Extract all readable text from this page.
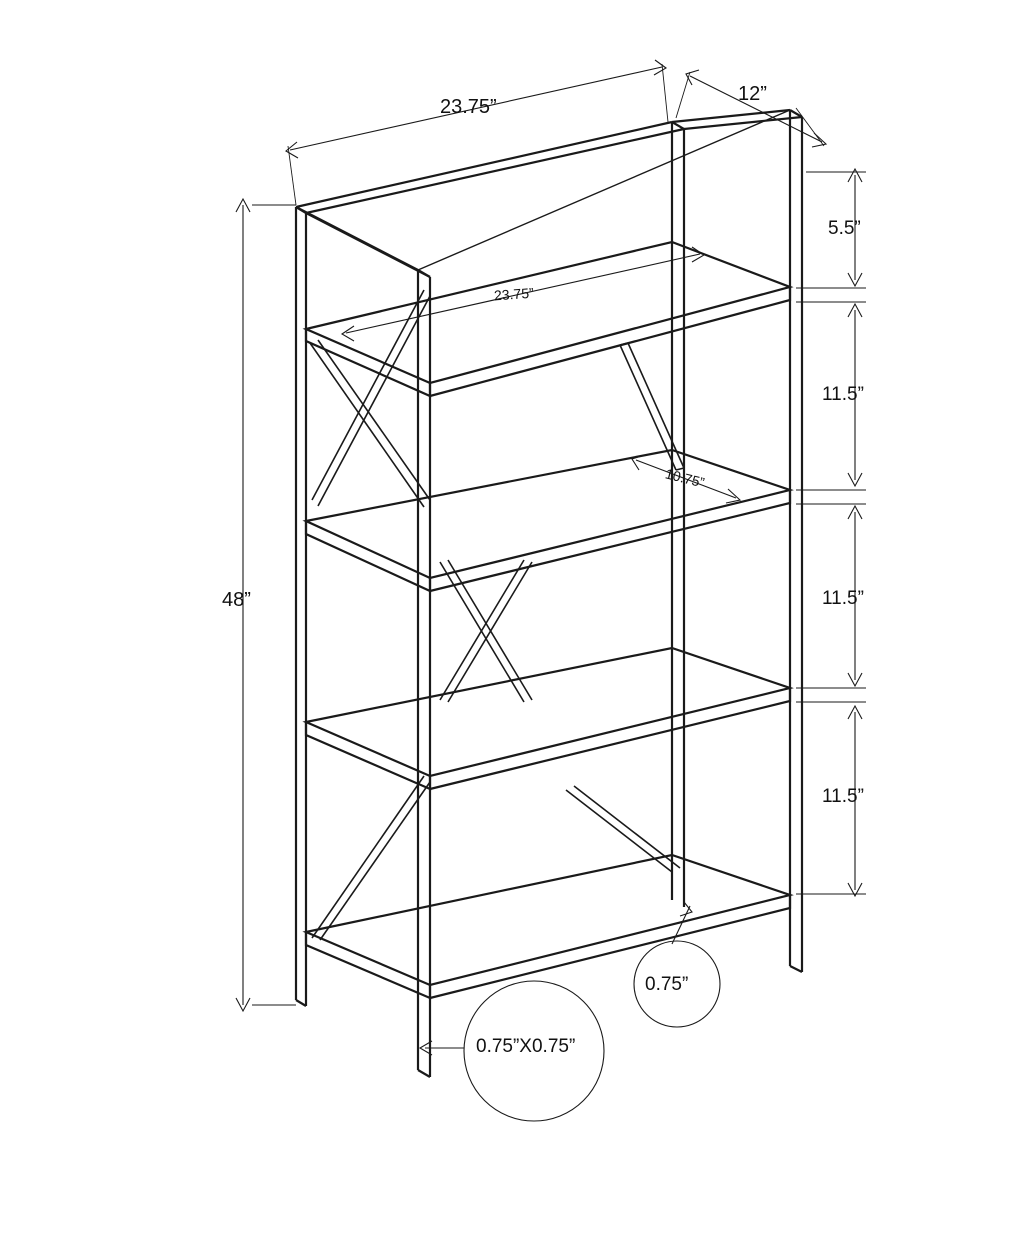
48”
23.75”
12”
23.75”
10.75”
5.5”
11.5”
11.5”
11.5”
0.75”
0.75”X0.75”
